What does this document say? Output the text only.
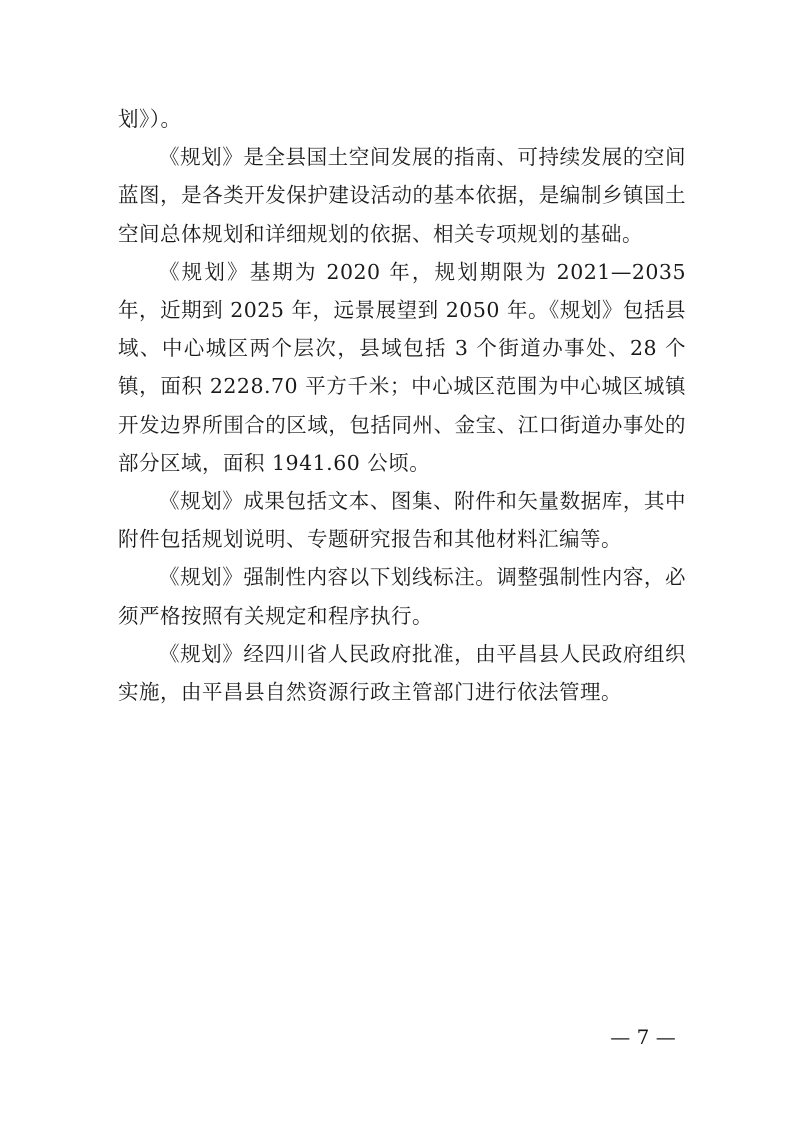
划》）。

《规划》是全县国土空间发展的指南、可持续发展的空间蓝图，是各类开发保护建设活动的基本依据，是编制乡镇国土空间总体规划和详细规划的依据、相关专项规划的基础。

《规划》基期为 2020 年，规划期限为 2021—2035 年，近期到 2025 年，远景展望到 2050 年。《规划》包括县域、中心城区两个层次，县域包括 3 个街道办事处、28 个镇，面积 2228.70 平方千米；中心城区范围为中心城区城镇开发边界所围合的区域，包括同州、金宝、江口街道办事处的部分区域，面积 1941.60 公顷。

《规划》成果包括文本、图集、附件和矢量数据库，其中附件包括规划说明、专题研究报告和其他材料汇编等。

《规划》强制性内容以下划线标注。调整强制性内容，必须严格按照有关规定和程序执行。

《规划》经四川省人民政府批准，由平昌县人民政府组织实施，由平昌县自然资源行政主管部门进行依法管理。

— 7 —
